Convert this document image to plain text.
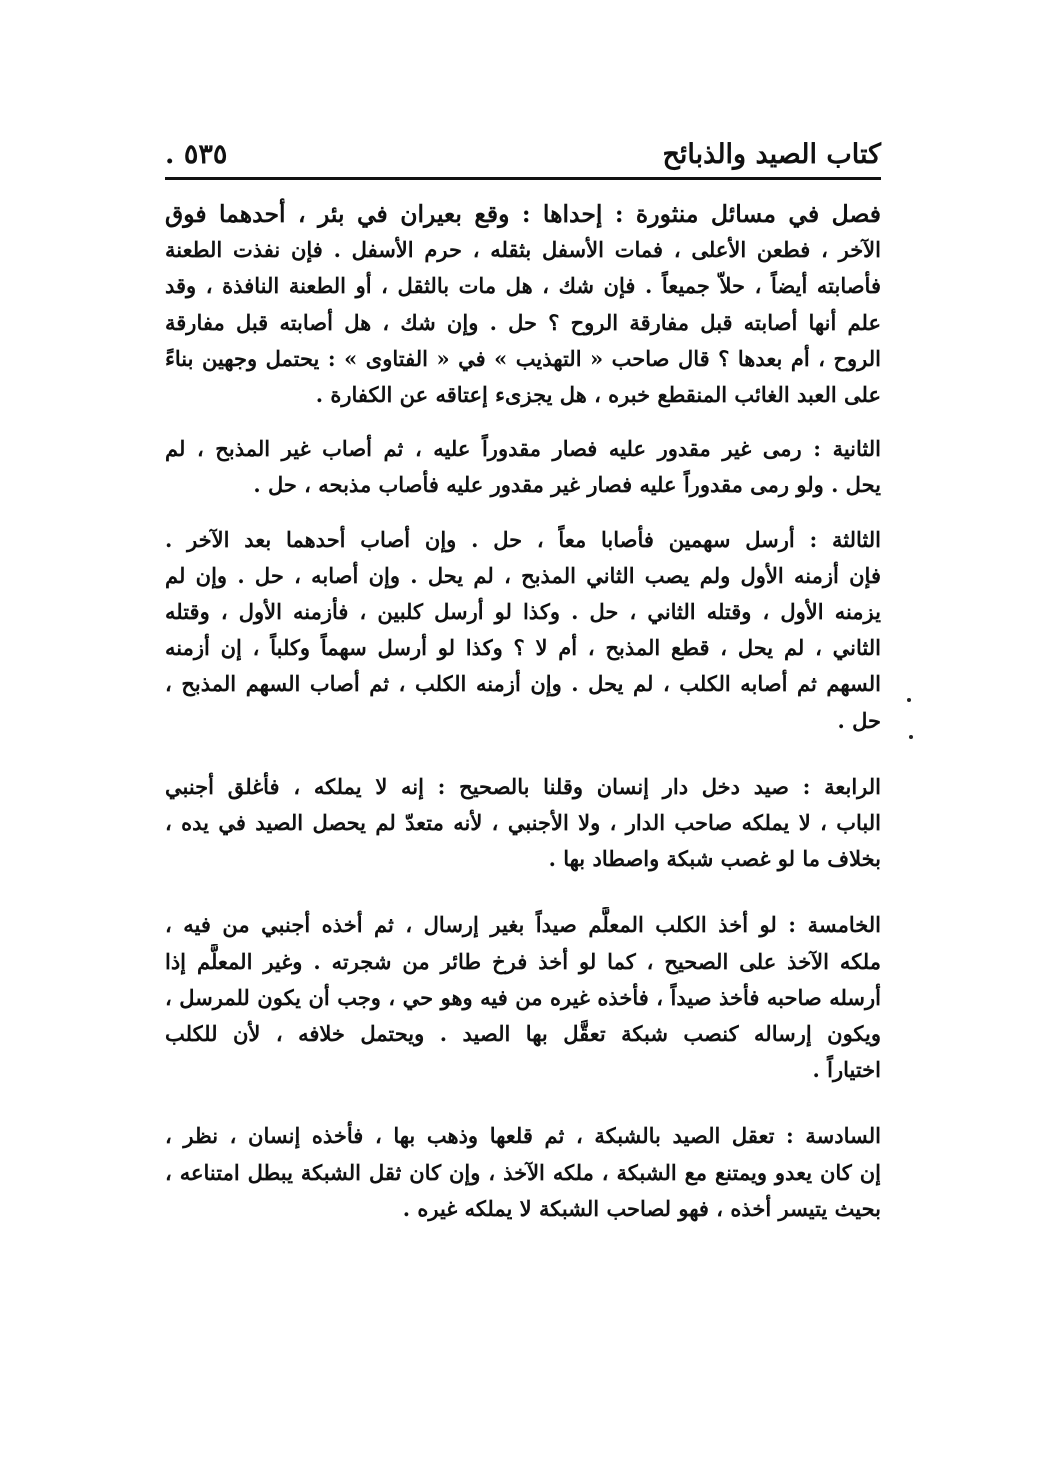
كتاب الصيد والذبائح
٥٣٥ .
فصل في مسائل منثورة : إحداها : وقع بعيران في بئر ، أحدهما فوق
الآخر ، فطعن الأعلى ، فمات الأسفل بثقله ، حرم الأسفل . فإن نفذت الطعنة
فأصابته أيضاً ، حلاّ جميعاً . فإن شك ، هل مات بالثقل ، أو الطعنة النافذة ، وقد
علم أنها أصابته قبل مفارقة الروح ؟ حل . وإن شك ، هل أصابته قبل مفارقة
الروح ، أم بعدها ؟ قال صاحب « التهذيب » في « الفتاوى » : يحتمل وجهين بناءً
على العبد الغائب المنقطع خبره ، هل يجزىء إعتاقه عن الكفارة .
الثانية : رمى غير مقدور عليه فصار مقدوراً عليه ، ثم أصاب غير المذبح ، لم
يحل . ولو رمى مقدوراً عليه فصار غير مقدور عليه فأصاب مذبحه ، حل .
الثالثة : أرسل سهمين فأصابا معاً ، حل . وإن أصاب أحدهما بعد الآخر .
فإن أزمنه الأول ولم يصب الثاني المذبح ، لم يحل . وإن أصابه ، حل . وإن لم
يزمنه الأول ، وقتله الثاني ، حل . وكذا لو أرسل كلبين ، فأزمنه الأول ، وقتله
الثاني ، لم يحل ، قطع المذبح ، أم لا ؟ وكذا لو أرسل سهماً وكلباً ، إن أزمنه
السهم ثم أصابه الكلب ، لم يحل . وإن أزمنه الكلب ، ثم أصاب السهم المذبح ،
حل .
الرابعة : صيد دخل دار إنسان وقلنا بالصحيح : إنه لا يملكه ، فأغلق أجنبي
الباب ، لا يملكه صاحب الدار ، ولا الأجنبي ، لأنه متعدّ لم يحصل الصيد في يده ،
بخلاف ما لو غصب شبكة واصطاد بها .
الخامسة : لو أخذ الكلب المعلَّم صيداً بغير إرسال ، ثم أخذه أجنبي من فيه ،
ملكه الآخذ على الصحيح ، كما لو أخذ فرخ طائر من شجرته . وغير المعلَّم إذا
أرسله صاحبه فأخذ صيداً ، فأخذه غيره من فيه وهو حي ، وجب أن يكون للمرسل ،
ويكون إرساله كنصب شبكة تعقَّل بها الصيد . ويحتمل خلافه ، لأن للكلب
اختياراً .
السادسة : تعقل الصيد بالشبكة ، ثم قلعها وذهب بها ، فأخذه إنسان ، نظر ،
إن كان يعدو ويمتنع مع الشبكة ، ملكه الآخذ ، وإن كان ثقل الشبكة يبطل امتناعه ،
بحيث يتيسر أخذه ، فهو لصاحب الشبكة لا يملكه غيره .
